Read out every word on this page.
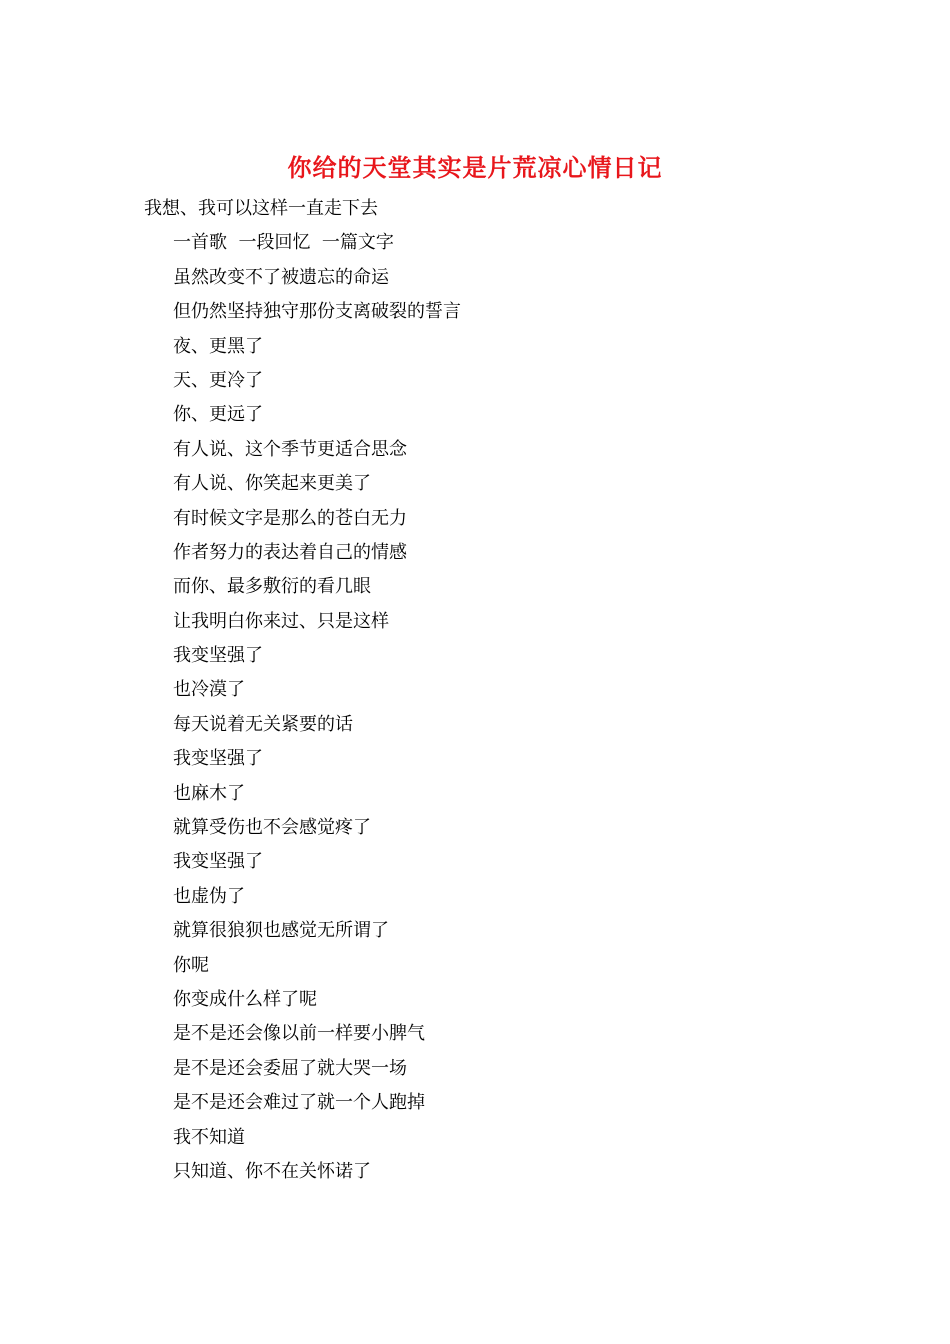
你给的天堂其实是片荒凉心情日记
我想、我可以这样一直走下去
一首歌  一段回忆  一篇文字
虽然改变不了被遗忘的命运
但仍然坚持独守那份支离破裂的誓言
夜、更黑了
天、更冷了
你、更远了
有人说、这个季节更适合思念
有人说、你笑起来更美了
有时候文字是那么的苍白无力
作者努力的表达着自己的情感
而你、最多敷衍的看几眼
让我明白你来过、只是这样
我变坚强了
也冷漠了
每天说着无关紧要的话
我变坚强了
也麻木了
就算受伤也不会感觉疼了
我变坚强了
也虚伪了
就算很狼狈也感觉无所谓了
你呢
你变成什么样了呢
是不是还会像以前一样要小脾气
是不是还会委屈了就大哭一场
是不是还会难过了就一个人跑掉
我不知道
只知道、你不在关怀诺了
